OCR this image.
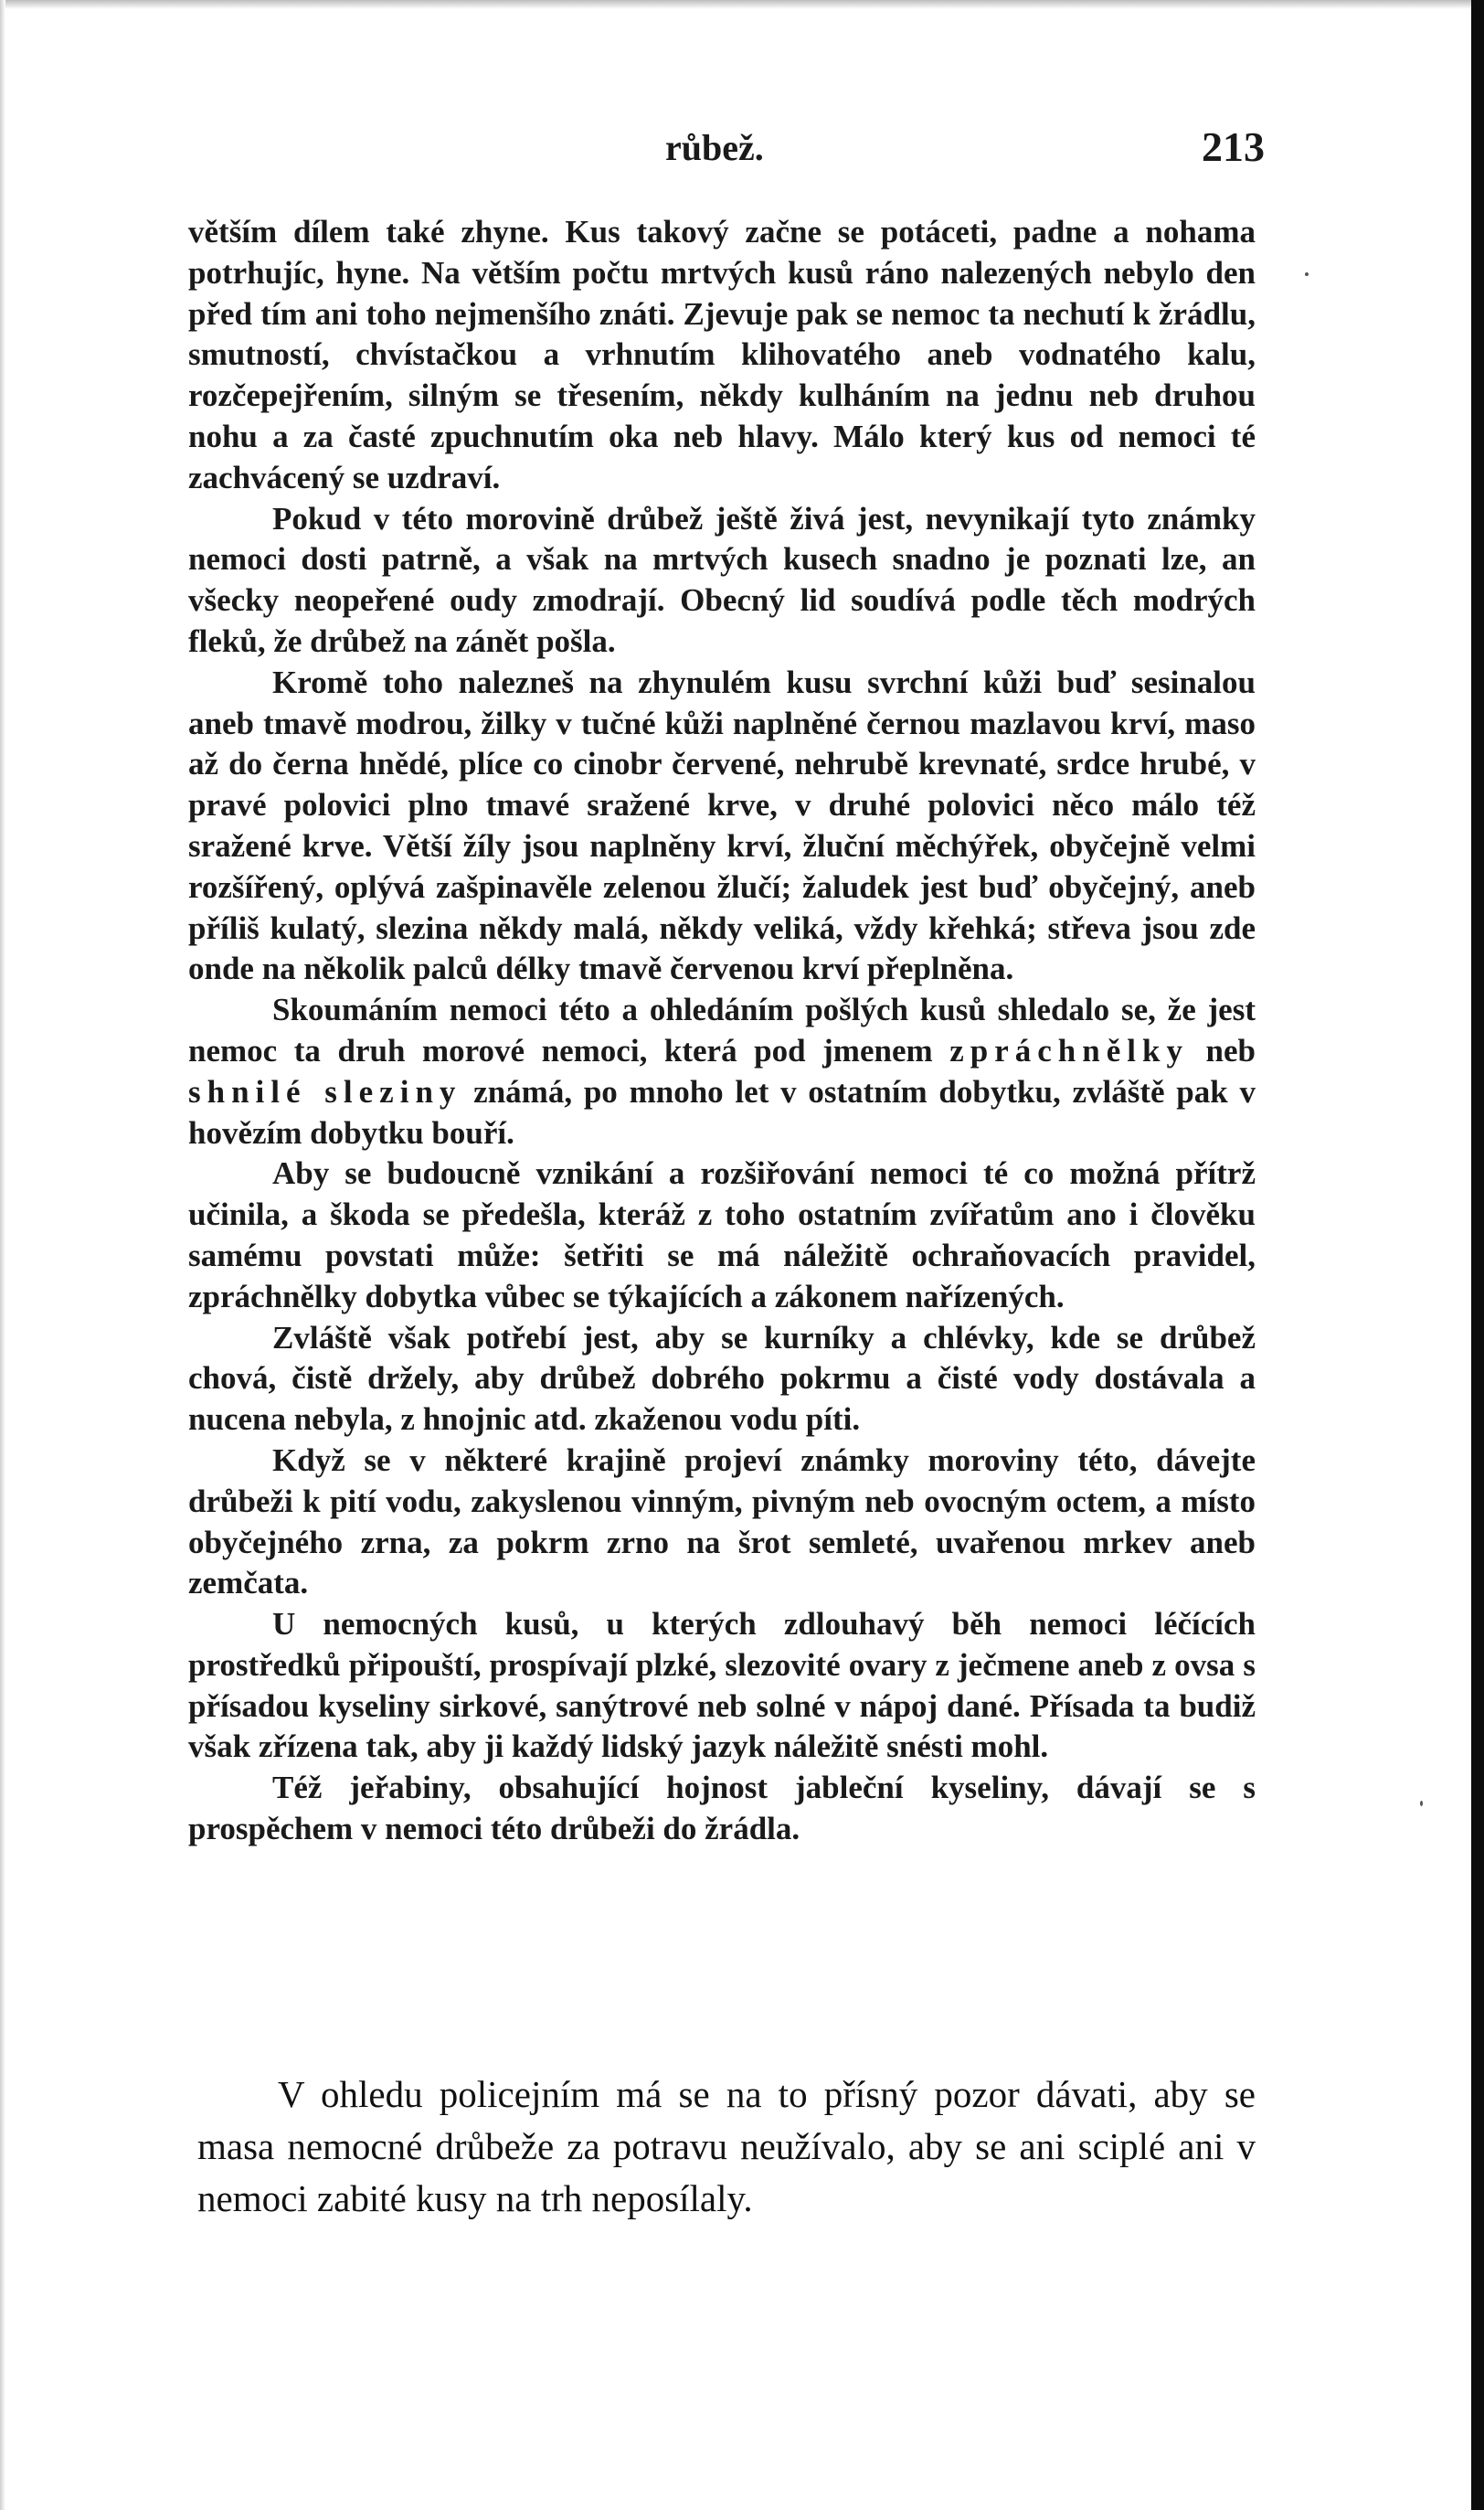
růbež.	213

větším dílem také zhyne. Kus takový začne se potáceti, padne a nohama potrhujíc, hyne. Na větším počtu mrtvých kusů ráno nalezených nebylo den před tím ani toho nejmenšího znáti. Zjevuje pak se nemoc ta nechutí k žrádlu, smutností, chvístačkou a vrhnutím klihovatého aneb vodnatého kalu, rozčepejřením, silným se třesením, někdy kulháním na jednu neb druhou nohu a za časté zpuchnutím oka neb hlavy. Málo který kus od nemoci té zachvácený se uzdraví.

Pokud v této morovině drůbež ještě živá jest, nevynikají tyto známky nemoci dosti patrně, a však na mrtvých kusech snadno je poznati lze, an všecky neopeřené oudy zmodrají. Obecný lid soudívá podle těch modrých fleků, že drůbež na zánět pošla.

Kromě toho nalezneš na zhynulém kusu svrchní kůži buď sesinalou aneb tmavě modrou, žilky v tučné kůži naplněné černou mazlavou krví, maso až do černa hnědé, plíce co cinobr červené, nehrubě krevnaté, srdce hrubé, v pravé polovici plno tmavé sražené krve, v druhé polovici něco málo též sražené krve. Větší žíly jsou naplněny krví, žluční měchýřek, obyčejně velmi rozšířený, oplývá zašpinavěle zelenou žlučí; žaludek jest buď obyčejný, aneb příliš kulatý, slezina někdy malá, někdy veliká, vždy křehká; střeva jsou zde onde na několik palců délky tmavě červenou krví přeplněna.

Skoumáním nemoci této a ohledáním pošlých kusů shledalo se, že jest nemoc ta druh morové nemoci, která pod jmenem zpráchnělky neb shnilé sleziny známá, po mnoho let v ostatním dobytku, zvláště pak v hovězím dobytku bouří.

Aby se budoucně vznikání a rozšiřování nemoci té co možná přítrž učinila, a škoda se předešla, kteráž z toho ostatním zvířatům ano i člověku samému povstati může: šetřiti se má náležitě ochraňovacích pravidel, zpráchnělky dobytka vůbec se týkajících a zákonem nařízených.

Zvláště však potřebí jest, aby se kurníky a chlévky, kde se drůbež chová, čistě držely, aby drůbež dobrého pokrmu a čisté vody dostávala a nucena nebyla, z hnojnic atd. zkaženou vodu píti.

Když se v některé krajině projeví známky moroviny této, dávejte drůbeži k pití vodu, zakyslenou vinným, pivným neb ovocným octem, a místo obyčejného zrna, za pokrm zrno na šrot semleté, uvařenou mrkev aneb zemčata.

U nemocných kusů, u kterých zdlouhavý běh nemoci léčících prostředků připouští, prospívají plzké, slezovité ovary z ječmene aneb z ovsa s přísadou kyseliny sirkové, sanýtrové neb solné v nápoj dané. Přísada ta budiž však zřízena tak, aby ji každý lidský jazyk náležitě snésti mohl.

Též jeřabiny, obsahující hojnost jableční kyseliny, dávají se s prospěchem v nemoci této drůbeži do žrádla.

V ohledu policejním má se na to přísný pozor dávati, aby se masa nemocné drůbeže za potravu neužívalo, aby se ani sciplé ani v nemoci zabité kusy na trh neposílaly.
